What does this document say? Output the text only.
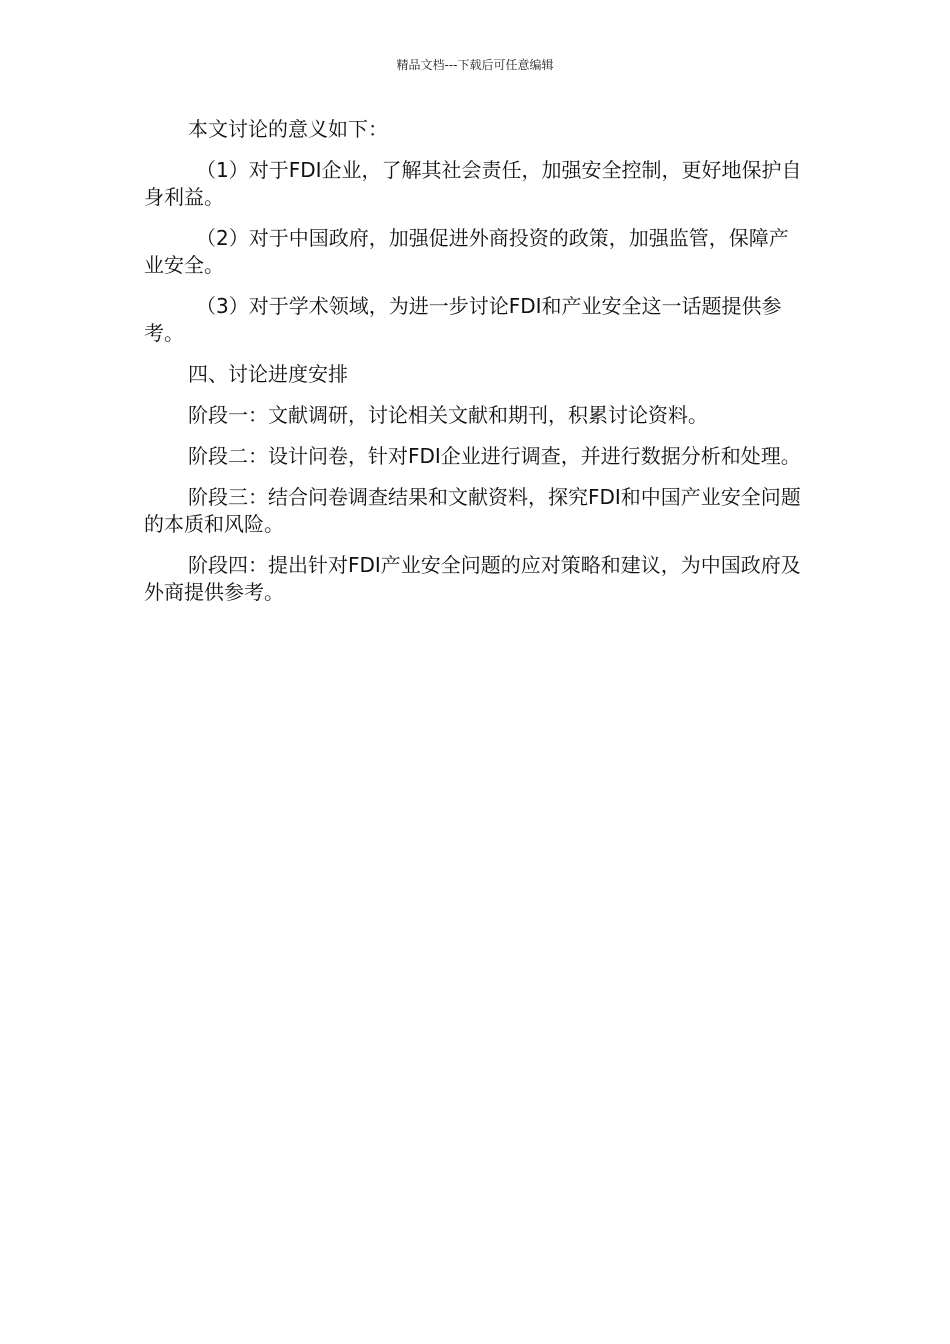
精品文档---下载后可任意编辑

本文讨论的意义如下：

（1）对于FDI企业，了解其社会责任，加强安全控制，更好地保护自身利益。

（2）对于中国政府，加强促进外商投资的政策，加强监管，保障产业安全。

（3）对于学术领域，为进一步讨论FDI和产业安全这一话题提供参考。

四、讨论进度安排

阶段一：文献调研，讨论相关文献和期刊，积累讨论资料。

阶段二：设计问卷，针对FDI企业进行调查，并进行数据分析和处理。

阶段三：结合问卷调查结果和文献资料，探究FDI和中国产业安全问题的本质和风险。

阶段四：提出针对FDI产业安全问题的应对策略和建议，为中国政府及外商提供参考。
